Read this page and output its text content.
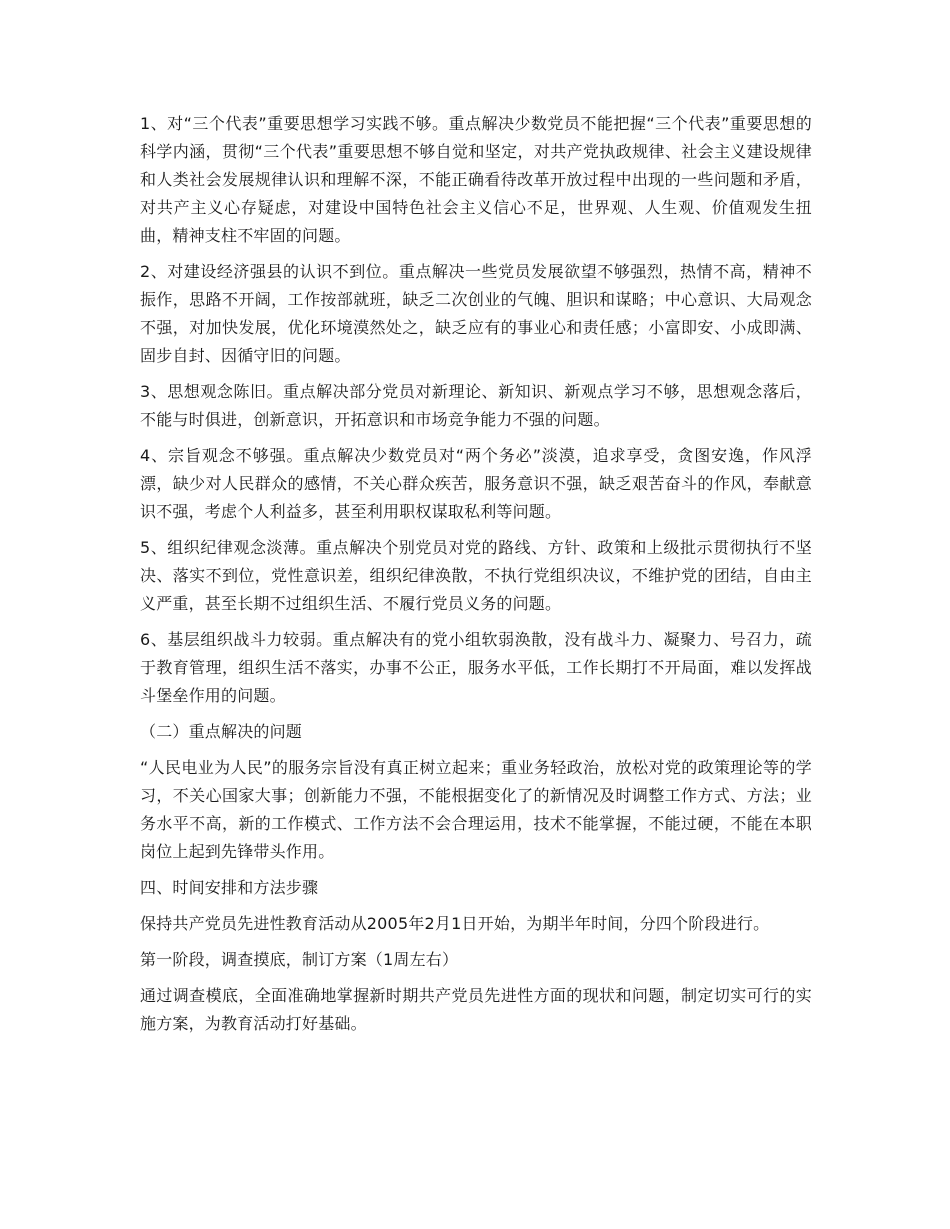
1、对“三个代表”重要思想学习实践不够。重点解决少数党员不能把握“三个代表”重要思想的科学内涵，贯彻“三个代表”重要思想不够自觉和坚定，对共产党执政规律、社会主义建设规律和人类社会发展规律认识和理解不深，不能正确看待改革开放过程中出现的一些问题和矛盾，对共产主义心存疑虑，对建设中国特色社会主义信心不足，世界观、人生观、价值观发生扭曲，精神支柱不牢固的问题。

2、对建设经济强县的认识不到位。重点解决一些党员发展欲望不够强烈，热情不高，精神不振作，思路不开阔，工作按部就班，缺乏二次创业的气魄、胆识和谋略；中心意识、大局观念不强，对加快发展，优化环境漠然处之，缺乏应有的事业心和责任感；小富即安、小成即满、固步自封、因循守旧的问题。

3、思想观念陈旧。重点解决部分党员对新理论、新知识、新观点学习不够，思想观念落后，不能与时俱进，创新意识，开拓意识和市场竞争能力不强的问题。

4、宗旨观念不够强。重点解决少数党员对“两个务必”淡漠，追求享受，贪图安逸，作风浮漂，缺少对人民群众的感情，不关心群众疾苦，服务意识不强，缺乏艰苦奋斗的作风，奉献意识不强，考虑个人利益多，甚至利用职权谋取私利等问题。

5、组织纪律观念淡薄。重点解决个别党员对党的路线、方针、政策和上级批示贯彻执行不坚决、落实不到位，党性意识差，组织纪律涣散，不执行党组织决议，不维护党的团结，自由主义严重，甚至长期不过组织生活、不履行党员义务的问题。

6、基层组织战斗力较弱。重点解决有的党小组软弱涣散，没有战斗力、凝聚力、号召力，疏于教育管理，组织生活不落实，办事不公正，服务水平低，工作长期打不开局面，难以发挥战斗堡垒作用的问题。

（二）重点解决的问题

“人民电业为人民”的服务宗旨没有真正树立起来；重业务轻政治，放松对党的政策理论等的学习，不关心国家大事；创新能力不强，不能根据变化了的新情况及时调整工作方式、方法；业务水平不高，新的工作模式、工作方法不会合理运用，技术不能掌握，不能过硬，不能在本职岗位上起到先锋带头作用。

四、时间安排和方法步骤

保持共产党员先进性教育活动从2005年2月1日开始，为期半年时间，分四个阶段进行。

第一阶段，调查摸底，制订方案（1周左右）

通过调查模底，全面准确地掌握新时期共产党员先进性方面的现状和问题，制定切实可行的实施方案，为教育活动打好基础。
